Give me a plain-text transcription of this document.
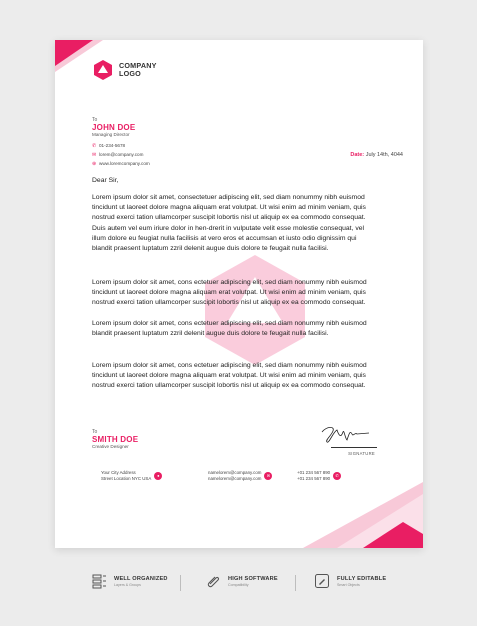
COMPANY
LOGO
To
JOHN DOE
Managing Director
✆ 01-234-5678
✉ lorem@company.com
⊕ www.loremcompany.com
Date: July 14th, 4044
Dear Sir,
Lorem ipsum dolor sit amet, consectetuer adipiscing elit, sed diam nonummy nibh euismod tincidunt ut laoreet dolore magna aliquam erat volutpat. Ut wisi enim ad minim veniam, quis nostrud exerci tation ullamcorper suscipit lobortis nisl ut aliquip ex ea commodo consequat. Duis autem vel eum iriure dolor in hen-drerit in vulputate velit esse molestie consequat, vel illum dolore eu feugiat nulla facilisis at vero eros et accumsan et iusto odio dignissim qui blandit praesent luptatum zzril delenit augue duis dolore te feugait nulla facilisi.
Lorem ipsum dolor sit amet, cons ectetuer adipiscing elit, sed diam nonummy nibh euismod tincidunt ut laoreet dolore magna aliquam erat volutpat. Ut wisi enim ad minim veniam, quis nostrud exerci tation ullamcorper suscipit lobortis nisl ut aliquip ex ea commodo consequat.
Lorem ipsum dolor sit amet, cons ectetuer adipiscing elit, sed diam nonummy nibh euismod blandit praesent luptatum zzril delenit augue duis dolore te feugait nulla facilisi.
Lorem ipsum dolor sit amet, cons ectetuer adipiscing elit, sed diam nonummy nibh euismod tincidunt ut laoreet dolore magna aliquam erat volutpat. Ut wisi enim ad minim veniam, quis nostrud exerci tation ullamcorper suscipit lobortis nisl ut aliquip ex ea commodo consequat.
To
SMITH DOE
Creative Designer
SIGNATURE
Your City Address
Street Location NYC USA
●
namelorem@company.com
namelorem@company.com
✉
+01 234 567 890
+01 234 567 890
✆
WELL ORGANIZED
Layers & Groups
HIGH SOFTWARE
Compatibility
FULLY EDITABLE
Smart Objects
